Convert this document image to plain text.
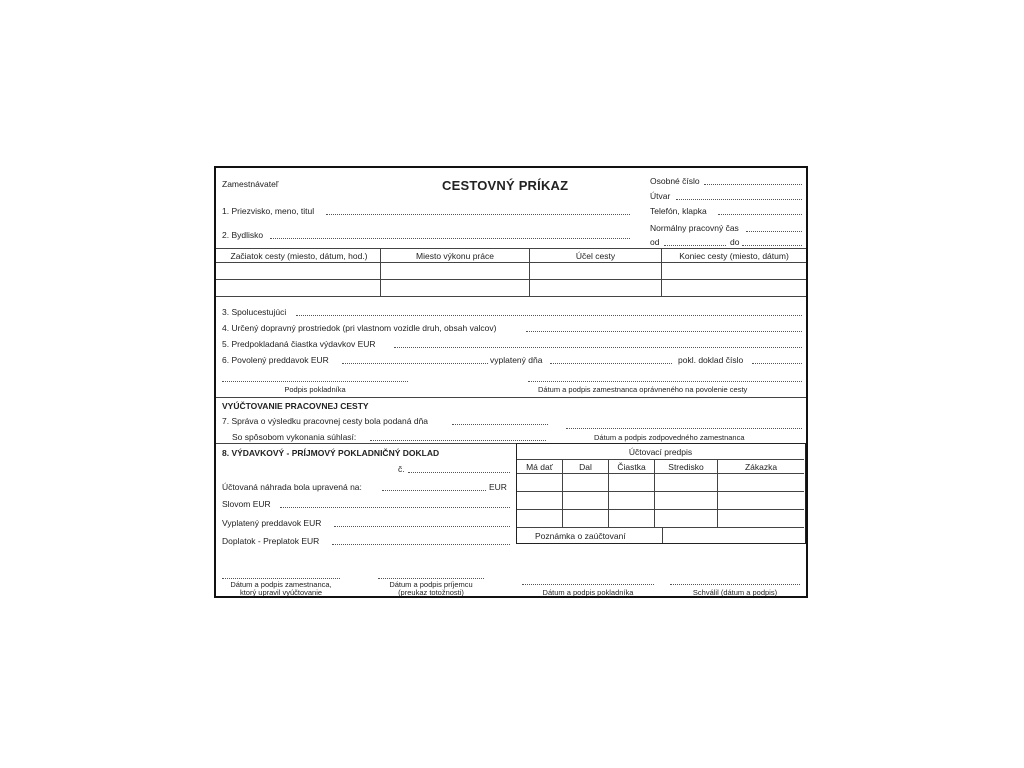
CESTOVNÝ PRÍKAZ
Zamestnávateľ
1. Priezvisko, meno, titul
2. Bydlisko
Osobné číslo
Útvar
Telefón, klapka
Normálny pracovný čas
od	do
Začiatok cesty (miesto, dátum, hod.)	Miesto výkonu práce	Účel cesty	Koniec cesty (miesto, dátum)
3. Spolucestujúci
4. Určený dopravný prostriedok (pri vlastnom vozidle druh, obsah valcov)
5. Predpokladaná čiastka výdavkov EUR
6. Povolený preddavok EUR	vyplatený dňa	pokl. doklad číslo
Podpis pokladníka	Dátum a podpis zamestnanca oprávneného na povolenie cesty
VYÚČTOVANIE PRACOVNEJ CESTY
7. Správa o výsledku pracovnej cesty bola podaná dňa
So spôsobom vykonania súhlasí:	Dátum a podpis zodpovedného zamestnanca
8. VÝDAVKOVÝ - PRÍJMOVÝ POKLADNIČNÝ DOKLAD
č.
Účtovaná náhrada bola upravená na:	EUR
Slovom EUR
Vyplatený preddavok EUR
Doplatok - Preplatok EUR
Účtovací predpis
Má dať	Dal	Čiastka	Stredisko	Zákazka
Poznámka o zaúčtovaní
Dátum a podpis zamestnanca,
ktorý upravil vyúčtovanie
Dátum a podpis príjemcu
(preukaz totožnosti)	Dátum a podpis pokladníka	Schválil (dátum a podpis)
